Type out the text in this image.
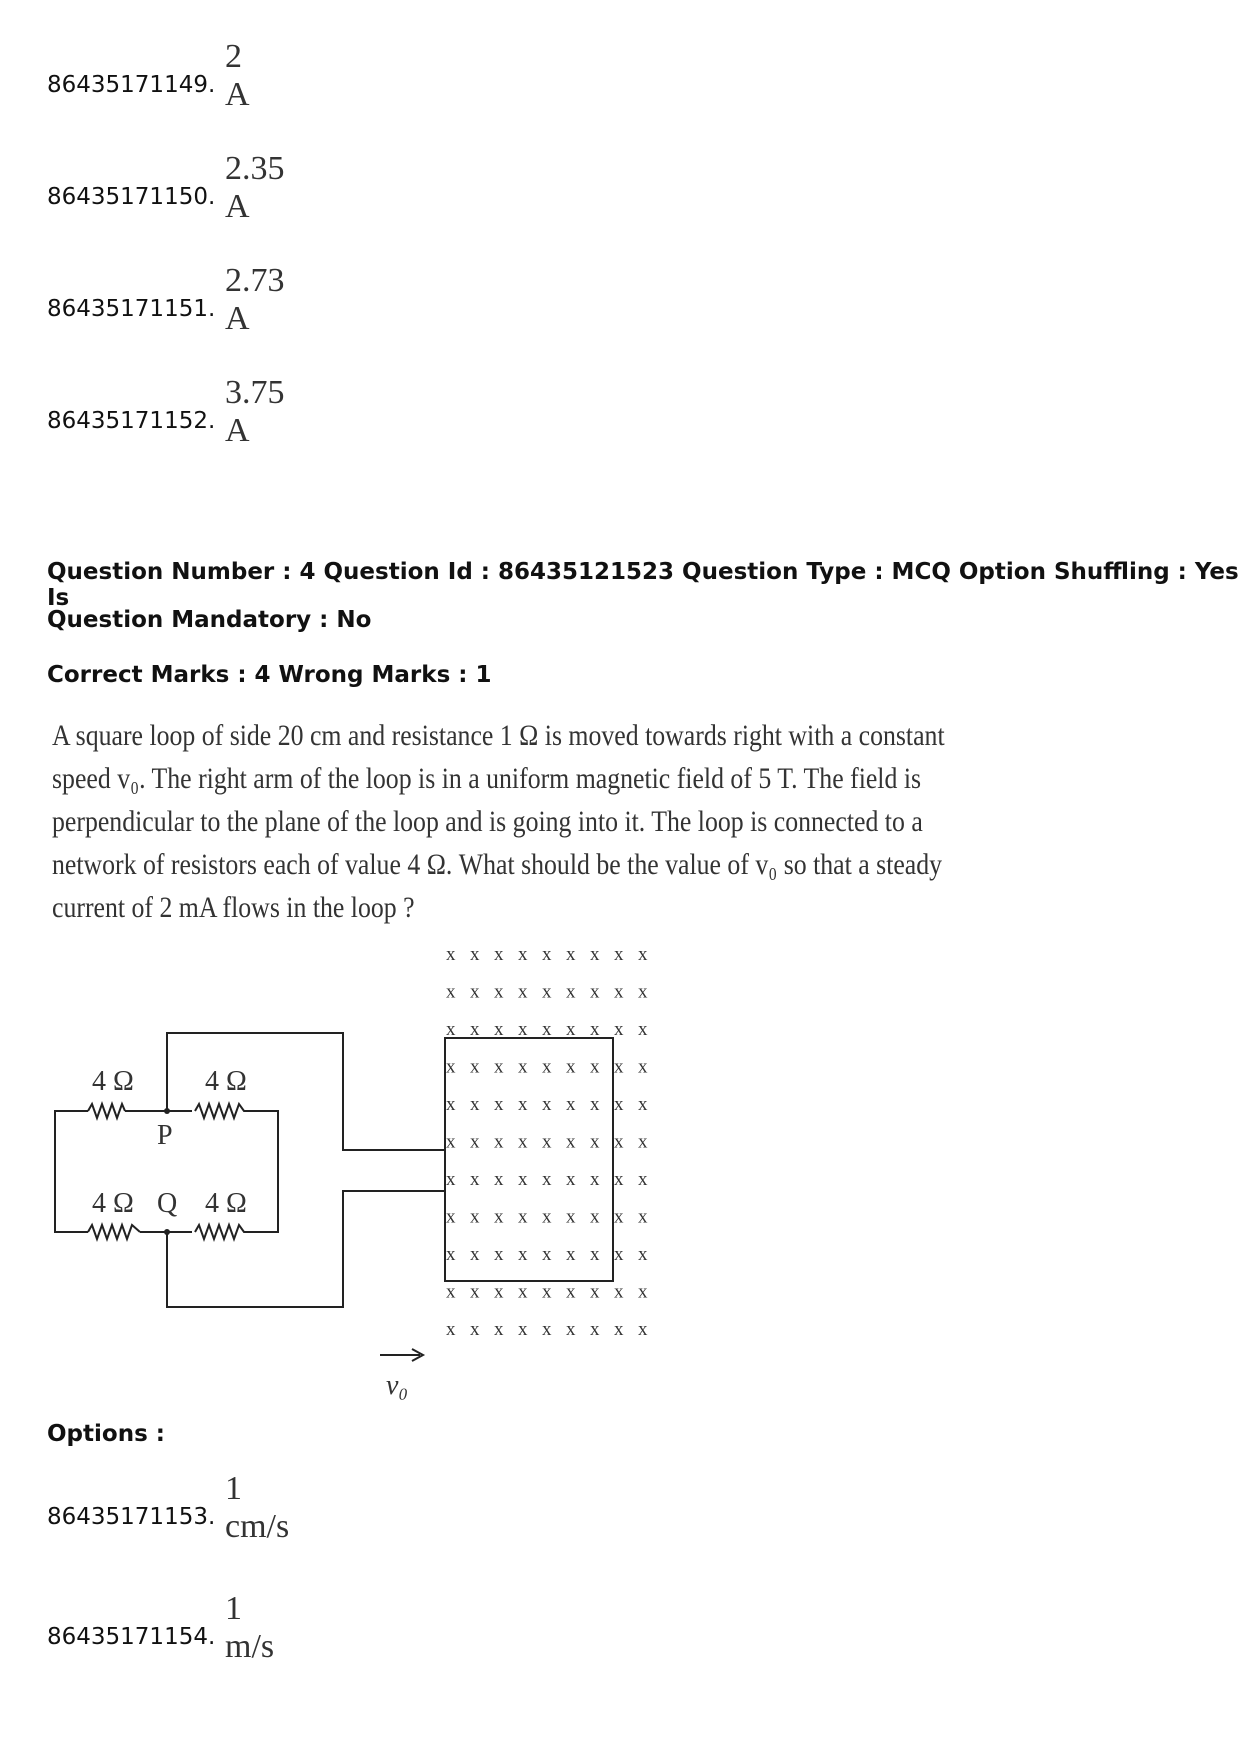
86435171149.
2 A
86435171150.
2.35 A
86435171151.
2.73 A
86435171152.
3.75 A
Question Number : 4 Question Id : 86435121523 Question Type : MCQ Option Shuffling : Yes Is
Question Mandatory : No
Correct Marks : 4 Wrong Marks : 1
A square loop of side 20 cm and resistance 1 Ω is moved towards right with a constant
speed v₀. The right arm of the loop is in a uniform magnetic field of 5 T. The field is
perpendicular to the plane of the loop and is going into it. The loop is connected to a
network of resistors each of value 4 Ω. What should be the value of v₀ so that a steady
current of 2 mA flows in the loop ?
4 Ω	4 Ω
4 Ω	4 Ω
P
Q
v₀
x x x x x x x x x
x x x x x x x x x
x x x x x x x x x
x x x x x x x x x
x x x x x x x x x
x x x x x x x x x
x x x x x x x x x
x x x x x x x x x
x x x x x x x x x
x x x x x x x x x
x x x x x x x x x
Options :
86435171153.
1 cm/s
86435171154.
1 m/s
